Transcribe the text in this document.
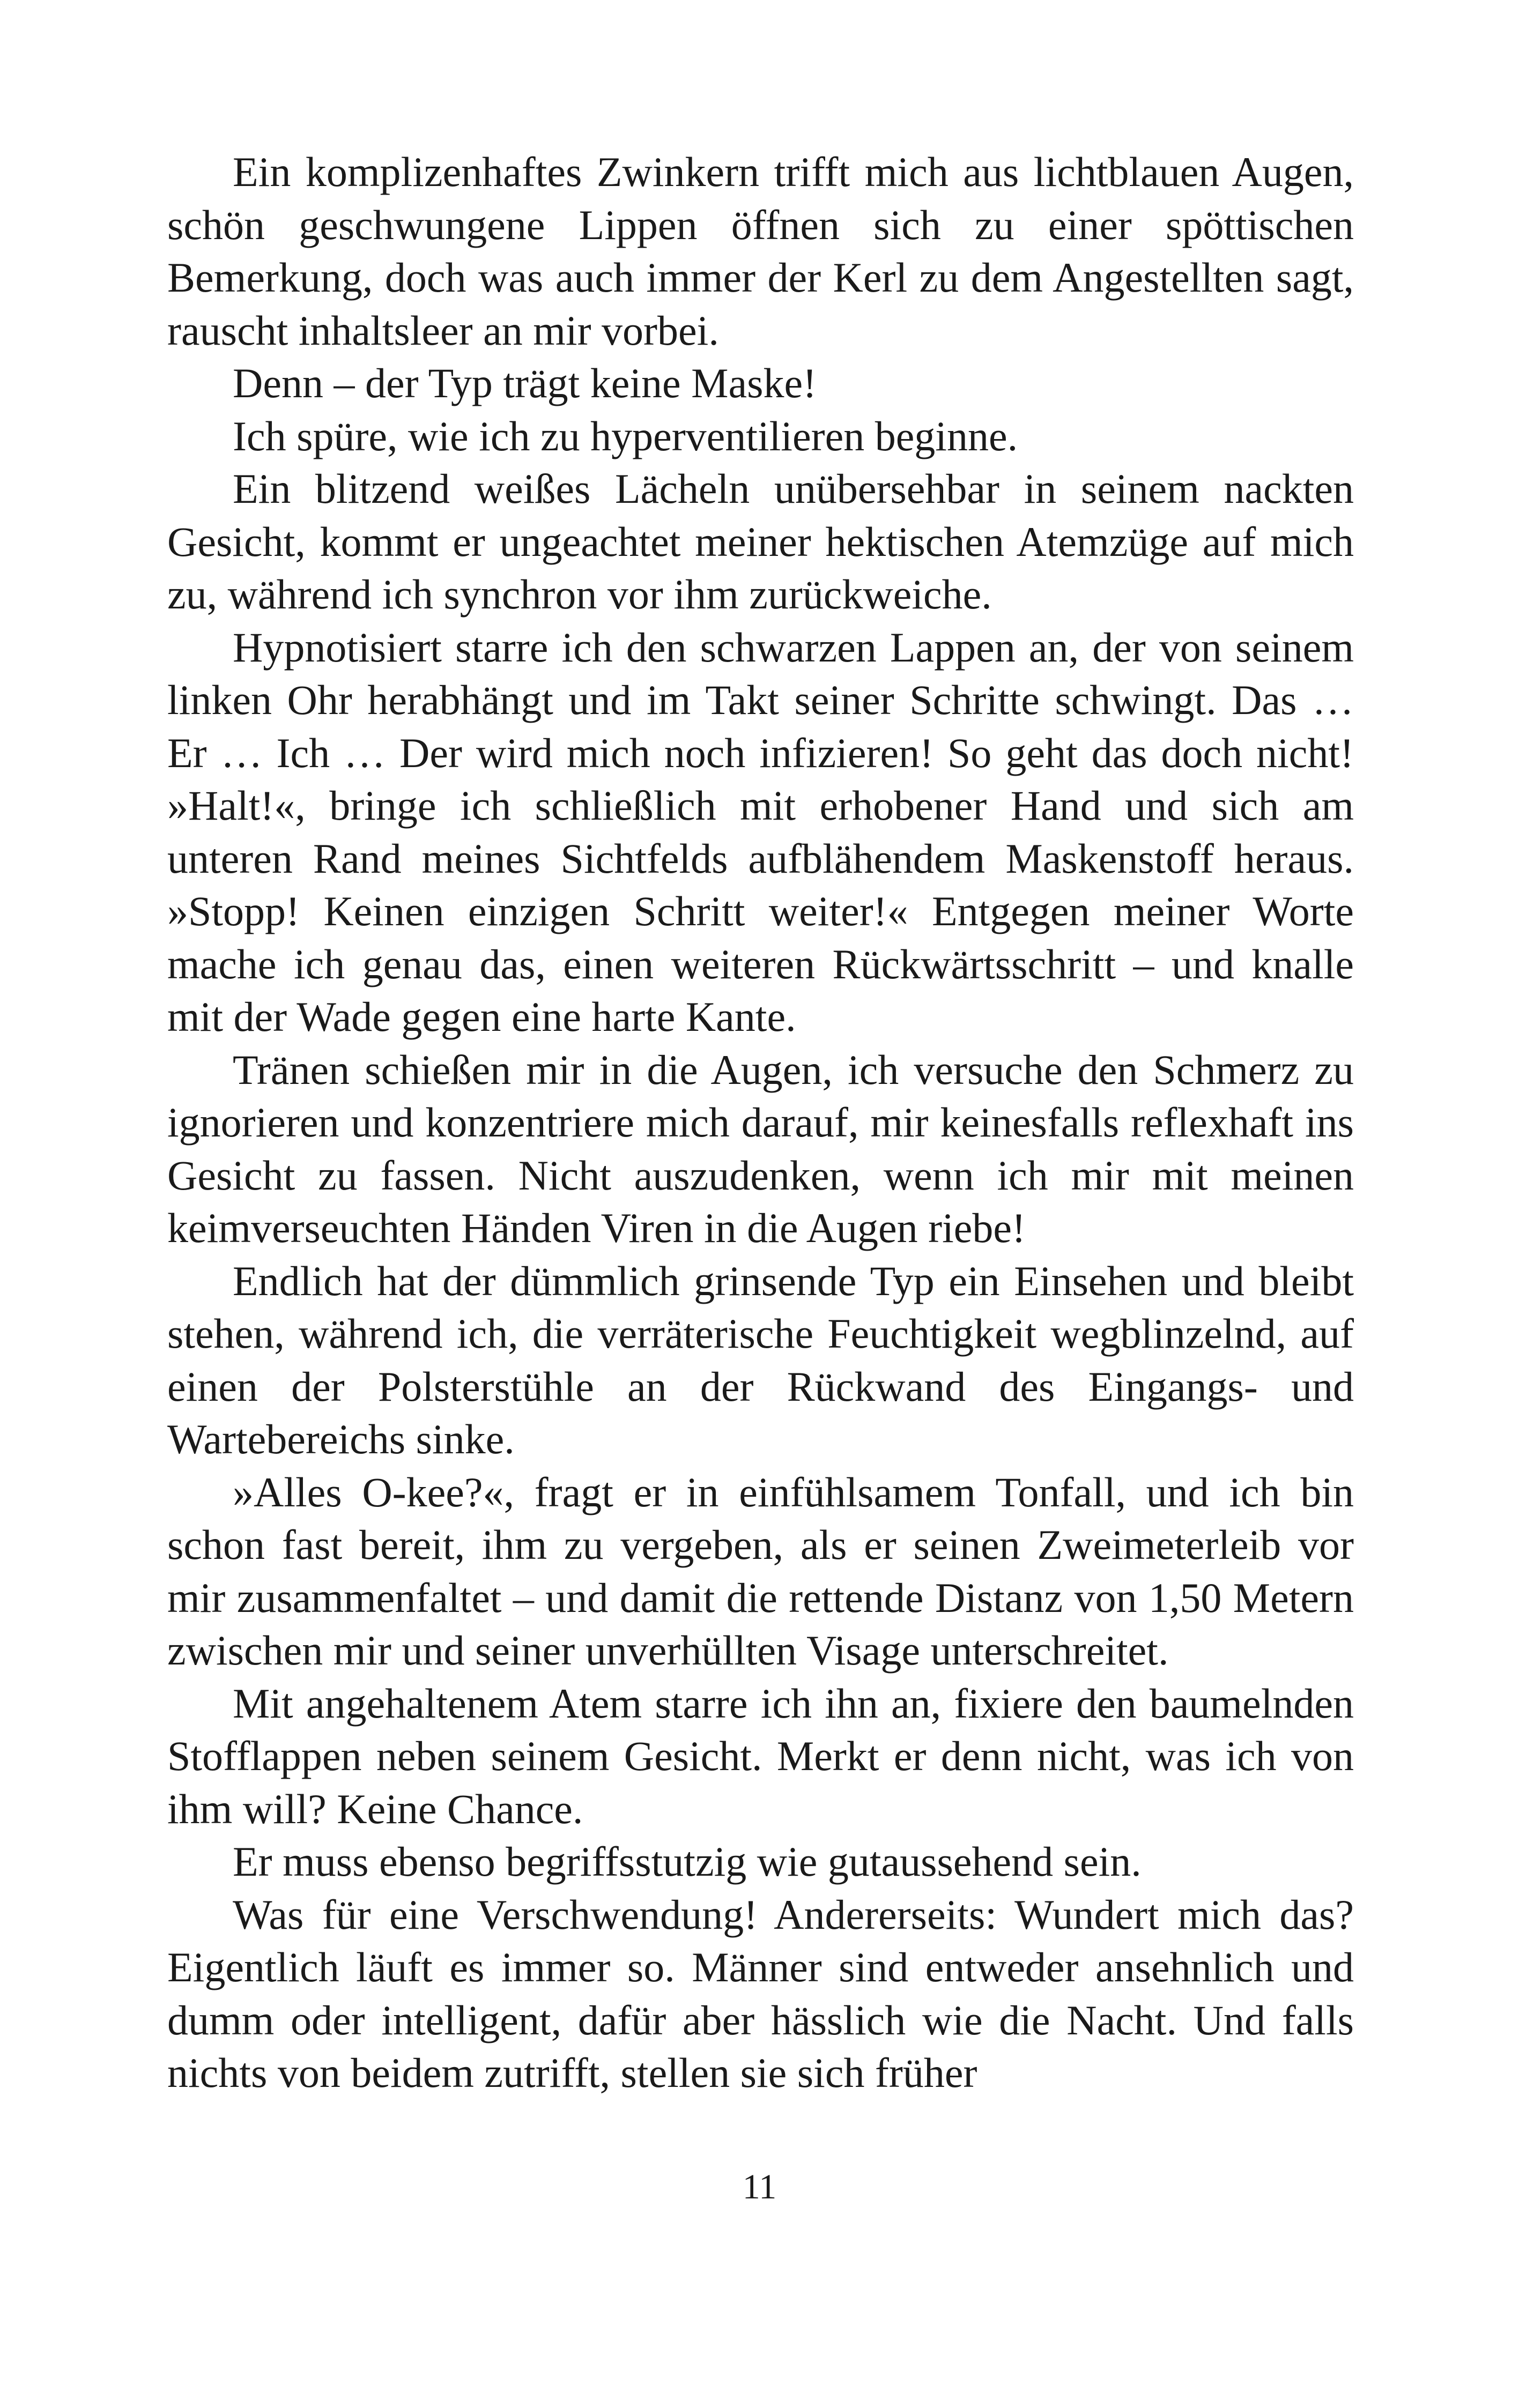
Ein komplizenhaftes Zwinkern trifft mich aus lichtblauen Augen, schön geschwungene Lippen öffnen sich zu einer spöttischen Bemerkung, doch was auch immer der Kerl zu dem Angestellten sagt, rauscht inhaltsleer an mir vorbei.

Denn – der Typ trägt keine Maske!

Ich spüre, wie ich zu hyperventilieren beginne.

Ein blitzend weißes Lächeln unübersehbar in seinem nackten Gesicht, kommt er ungeachtet meiner hektischen Atemzüge auf mich zu, während ich synchron vor ihm zurückweiche.

Hypnotisiert starre ich den schwarzen Lappen an, der von seinem linken Ohr herabhängt und im Takt seiner Schritte schwingt. Das … Er … Ich … Der wird mich noch infizieren! So geht das doch nicht! »Halt!«, bringe ich schließlich mit erhobener Hand und sich am unteren Rand meines Sichtfelds aufblähendem Maskenstoff heraus. »Stopp! Keinen einzigen Schritt weiter!« Entgegen meiner Worte mache ich genau das, einen weiteren Rückwärtsschritt – und knalle mit der Wade gegen eine harte Kante.

Tränen schießen mir in die Augen, ich versuche den Schmerz zu ignorieren und konzentriere mich darauf, mir keinesfalls reflexhaft ins Gesicht zu fassen. Nicht auszudenken, wenn ich mir mit meinen keimverseuchten Händen Viren in die Augen riebe!

Endlich hat der dümmlich grinsende Typ ein Einsehen und bleibt stehen, während ich, die verräterische Feuchtigkeit wegblinzelnd, auf einen der Polsterstühle an der Rückwand des Eingangs- und Wartebereichs sinke.

»Alles O-kee?«, fragt er in einfühlsamem Tonfall, und ich bin schon fast bereit, ihm zu vergeben, als er seinen Zweimeterleib vor mir zusammenfaltet – und damit die rettende Distanz von 1,50 Metern zwischen mir und seiner unverhüllten Visage unterschreitet.

Mit angehaltenem Atem starre ich ihn an, fixiere den baumelnden Stofflappen neben seinem Gesicht. Merkt er denn nicht, was ich von ihm will? Keine Chance.

Er muss ebenso begriffsstutzig wie gutaussehend sein.

Was für eine Verschwendung! Andererseits: Wundert mich das? Eigentlich läuft es immer so. Männer sind entweder ansehnlich und dumm oder intelligent, dafür aber hässlich wie die Nacht. Und falls nichts von beidem zutrifft, stellen sie sich früher

11
